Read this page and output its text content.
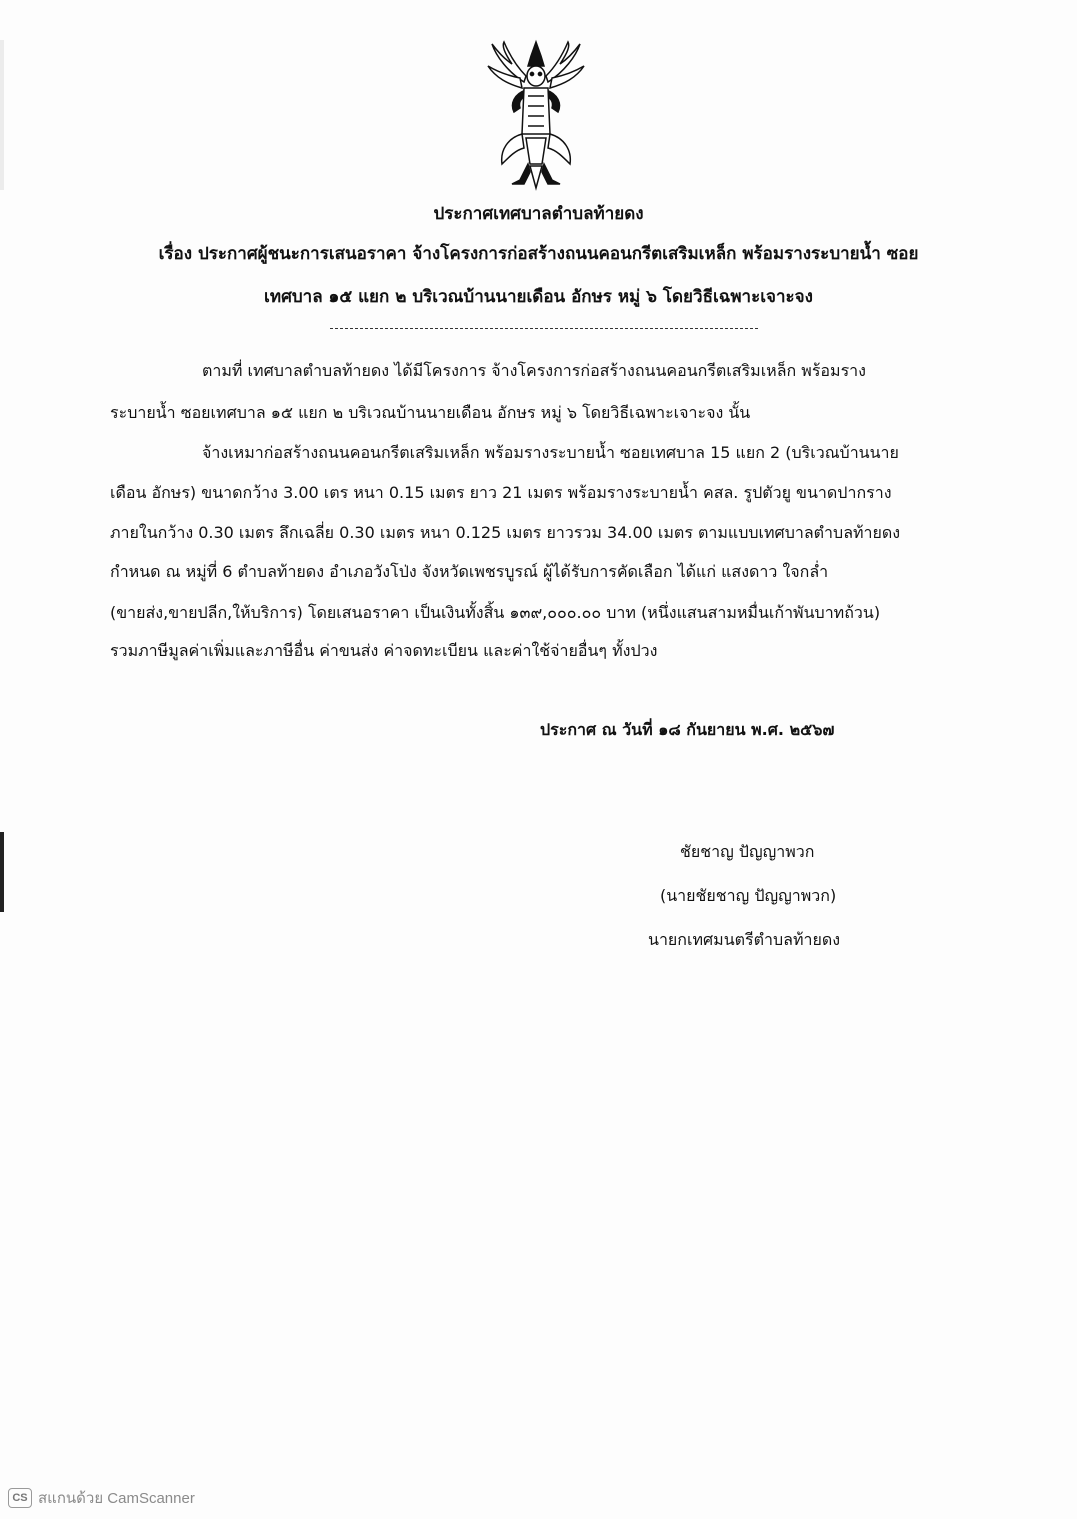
ประกาศเทศบาลตำบลท้ายดง
เรื่อง ประกาศผู้ชนะการเสนอราคา จ้างโครงการก่อสร้างถนนคอนกรีตเสริมเหล็ก พร้อมรางระบายน้ำ ซอย
เทศบาล ๑๕ แยก ๒ บริเวณบ้านนายเดือน อักษร หมู่ ๖ โดยวิธีเฉพาะเจาะจง
ตามที่ เทศบาลตำบลท้ายดง ได้มีโครงการ จ้างโครงการก่อสร้างถนนคอนกรีตเสริมเหล็ก พร้อมราง
ระบายน้ำ ซอยเทศบาล ๑๕ แยก ๒ บริเวณบ้านนายเดือน อักษร หมู่ ๖ โดยวิธีเฉพาะเจาะจง นั้น
จ้างเหมาก่อสร้างถนนคอนกรีตเสริมเหล็ก พร้อมรางระบายน้ำ ซอยเทศบาล 15 แยก 2 (บริเวณบ้านนาย
เดือน อักษร) ขนาดกว้าง 3.00 เตร หนา 0.15 เมตร ยาว 21 เมตร พร้อมรางระบายน้ำ คสล. รูปตัวยู ขนาดปากราง
ภายในกว้าง 0.30 เมตร ลึกเฉลี่ย 0.30 เมตร หนา 0.125 เมตร ยาวรวม 34.00 เมตร ตามแบบเทศบาลตำบลท้ายดง
กำหนด ณ หมู่ที่ 6 ตำบลท้ายดง อำเภอวังโป่ง จังหวัดเพชรบูรณ์ ผู้ได้รับการคัดเลือก ได้แก่ แสงดาว ใจกล่ำ
(ขายส่ง,ขายปลีก,ให้บริการ) โดยเสนอราคา เป็นเงินทั้งสิ้น ๑๓๙,๐๐๐.๐๐ บาท (หนึ่งแสนสามหมื่นเก้าพันบาทถ้วน)
รวมภาษีมูลค่าเพิ่มและภาษีอื่น ค่าขนส่ง ค่าจดทะเบียน และค่าใช้จ่ายอื่นๆ ทั้งปวง
ประกาศ ณ วันที่ ๑๘ กันยายน พ.ศ. ๒๕๖๗
ชัยชาญ ปัญญาพวก
(นายชัยชาญ ปัญญาพวก)
นายกเทศมนตรีตำบลท้ายดง
CS สแกนด้วย CamScanner
